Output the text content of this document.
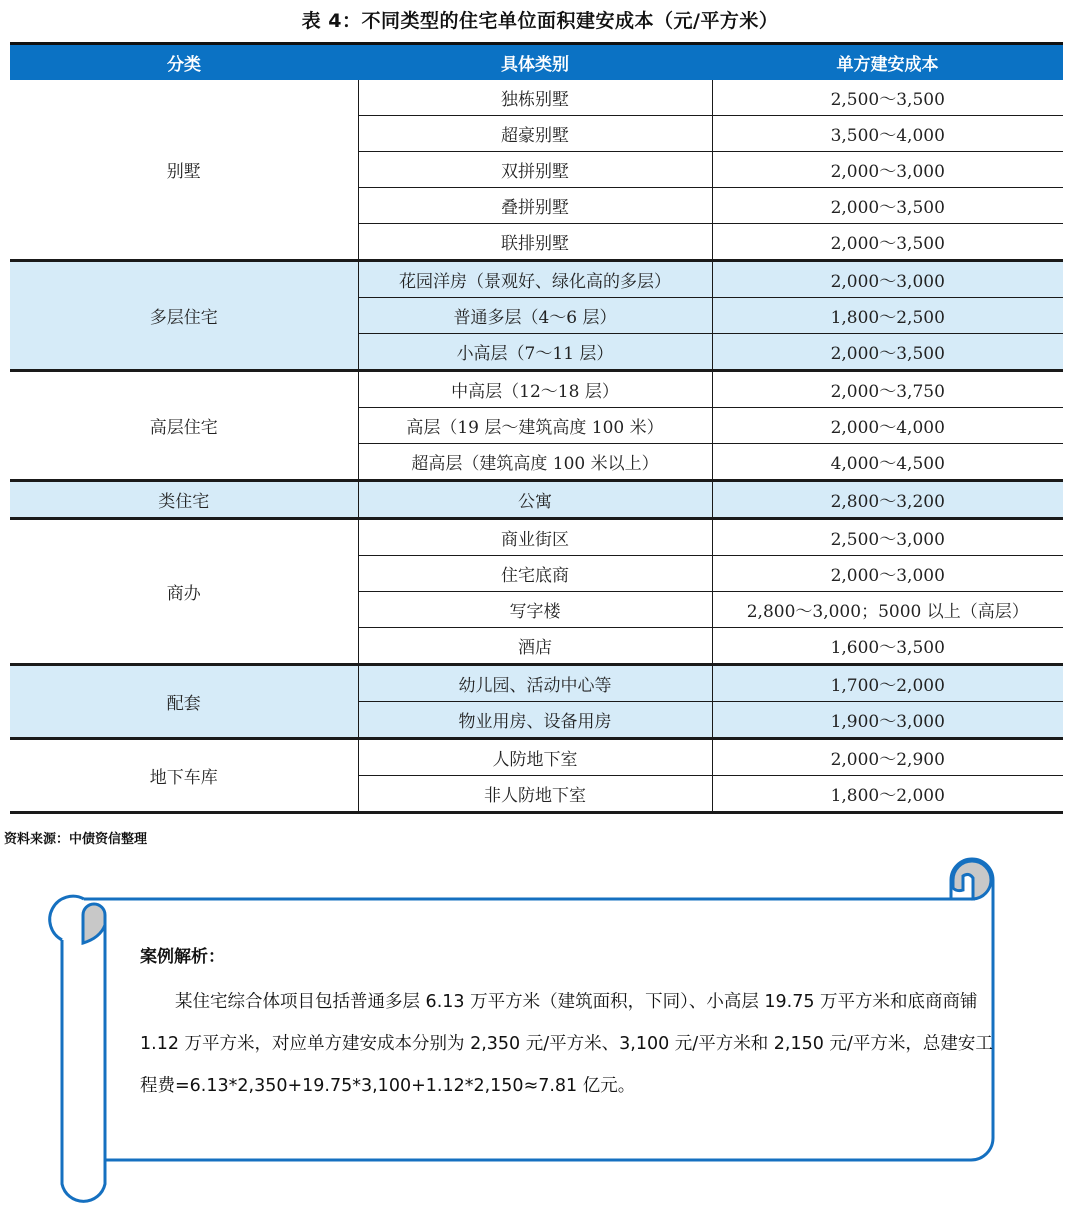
表 4：不同类型的住宅单位面积建安成本（元/平方米）
分类	具体类别	单方建安成本
别墅	独栋别墅	2,500～3,500
	超豪别墅	3,500～4,000
	双拼别墅	2,000～3,000
	叠拼别墅	2,000～3,500
	联排别墅	2,000～3,500
多层住宅	花园洋房（景观好、绿化高的多层）	2,000～3,000
	普通多层（4～6 层）	1,800～2,500
	小高层（7～11 层）	2,000～3,500
高层住宅	中高层（12～18 层）	2,000～3,750
	高层（19 层～建筑高度 100 米）	2,000～4,000
	超高层（建筑高度 100 米以上）	4,000～4,500
类住宅	公寓	2,800～3,200
商办	商业街区	2,500～3,000
	住宅底商	2,000～3,000
	写字楼	2,800～3,000；5000 以上（高层）
	酒店	1,600～3,500
配套	幼儿园、活动中心等	1,700～2,000
	物业用房、设备用房	1,900～3,000
地下车库	人防地下室	2,000～2,900
	非人防地下室	1,800～2,000
资料来源：中债资信整理
案例解析：

某住宅综合体项目包括普通多层 6.13 万平方米（建筑面积，下同）、小高层 19.75 万平方米和底商商铺 1.12 万平方米，对应单方建安成本分别为 2,350 元/平方米、3,100 元/平方米和 2,150 元/平方米，总建安工程费=6.13*2,350+19.75*3,100+1.12*2,150≈7.81 亿元。
